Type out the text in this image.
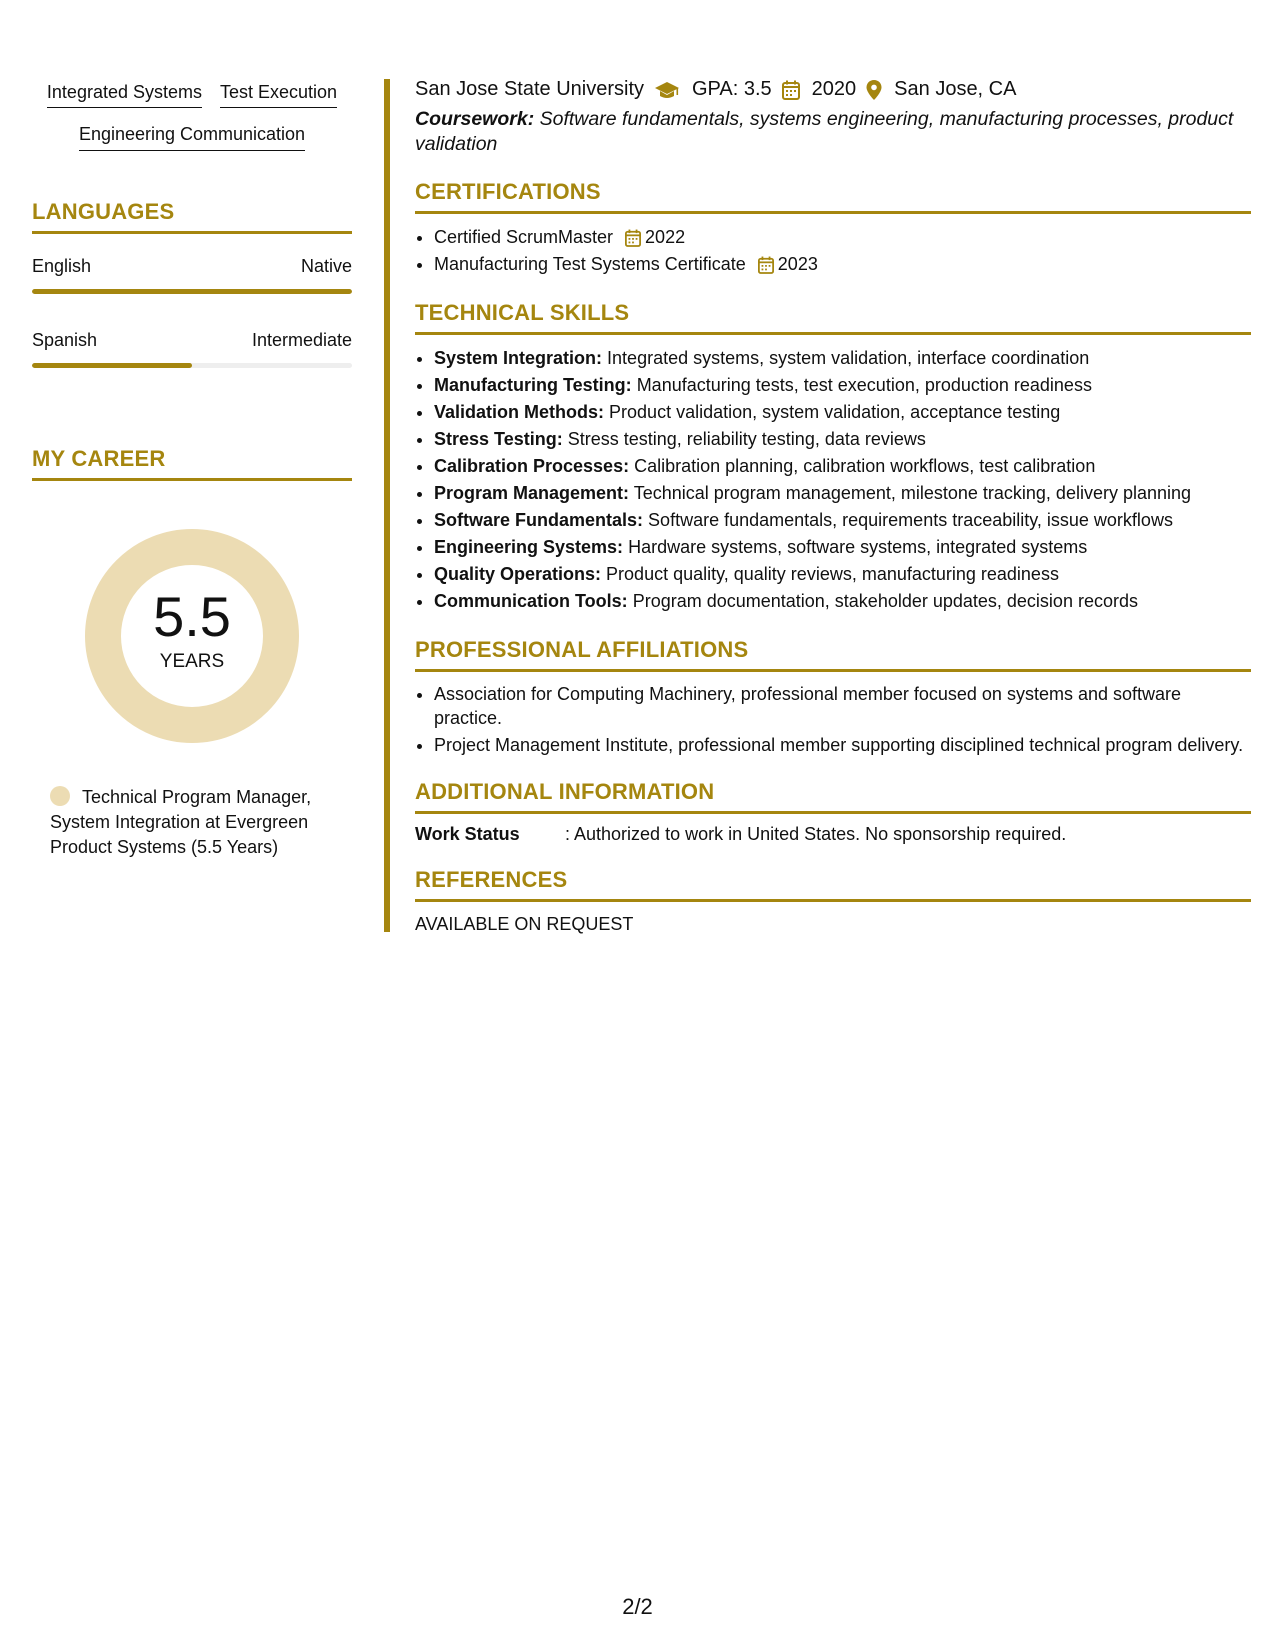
Integrated Systems Test Execution
Engineering Communication
LANGUAGES
English	Native
Spanish	Intermediate
MY CAREER
5.5
YEARS
Technical Program Manager, System Integration at Evergreen Product Systems (5.5 Years)
San Jose State University GPA: 3.5 2020 San Jose, CA
Coursework: Software fundamentals, systems engineering, manufacturing processes, product validation
CERTIFICATIONS
• Certified ScrumMaster 2022
• Manufacturing Test Systems Certificate 2023
TECHNICAL SKILLS
• System Integration: Integrated systems, system validation, interface coordination
• Manufacturing Testing: Manufacturing tests, test execution, production readiness
• Validation Methods: Product validation, system validation, acceptance testing
• Stress Testing: Stress testing, reliability testing, data reviews
• Calibration Processes: Calibration planning, calibration workflows, test calibration
• Program Management: Technical program management, milestone tracking, delivery planning
• Software Fundamentals: Software fundamentals, requirements traceability, issue workflows
• Engineering Systems: Hardware systems, software systems, integrated systems
• Quality Operations: Product quality, quality reviews, manufacturing readiness
• Communication Tools: Program documentation, stakeholder updates, decision records
PROFESSIONAL AFFILIATIONS
• Association for Computing Machinery, professional member focused on systems and software practice.
• Project Management Institute, professional member supporting disciplined technical program delivery.
ADDITIONAL INFORMATION
Work Status	: Authorized to work in United States. No sponsorship required.
REFERENCES
AVAILABLE ON REQUEST
2/2
